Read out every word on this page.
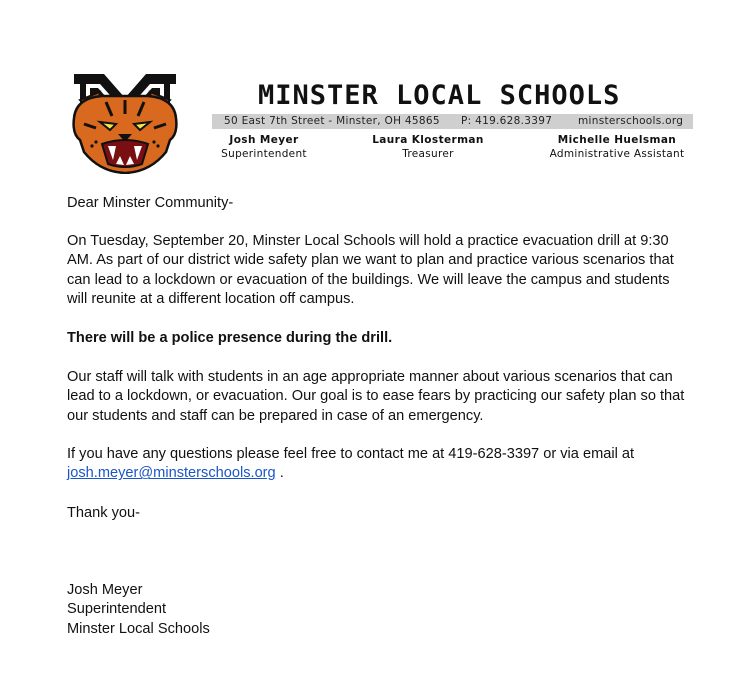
MINSTER LOCAL SCHOOLS
50 East 7th Street - Minster, OH 45865 P: 419.628.3397 minsterschools.org
Josh Meyer
Superintendent
Laura Klosterman
Treasurer
Michelle Huelsman
Administrative Assistant

Dear Minster Community-

On Tuesday, September 20, Minster Local Schools will hold a practice evacuation drill at 9:30 AM. As part of our district wide safety plan we want to plan and practice various scenarios that can lead to a lockdown or evacuation of the buildings. We will leave the campus and students will reunite at a different location off campus.

There will be a police presence during the drill.

Our staff will talk with students in an age appropriate manner about various scenarios that can lead to a lockdown, or evacuation. Our goal is to ease fears by practicing our safety plan so that our students and staff can be prepared in case of an emergency.

If you have any questions please feel free to contact me at 419-628-3397 or via email at
josh.meyer@minsterschools.org .

Thank you-

Josh Meyer

Superintendent

Minster Local Schools
